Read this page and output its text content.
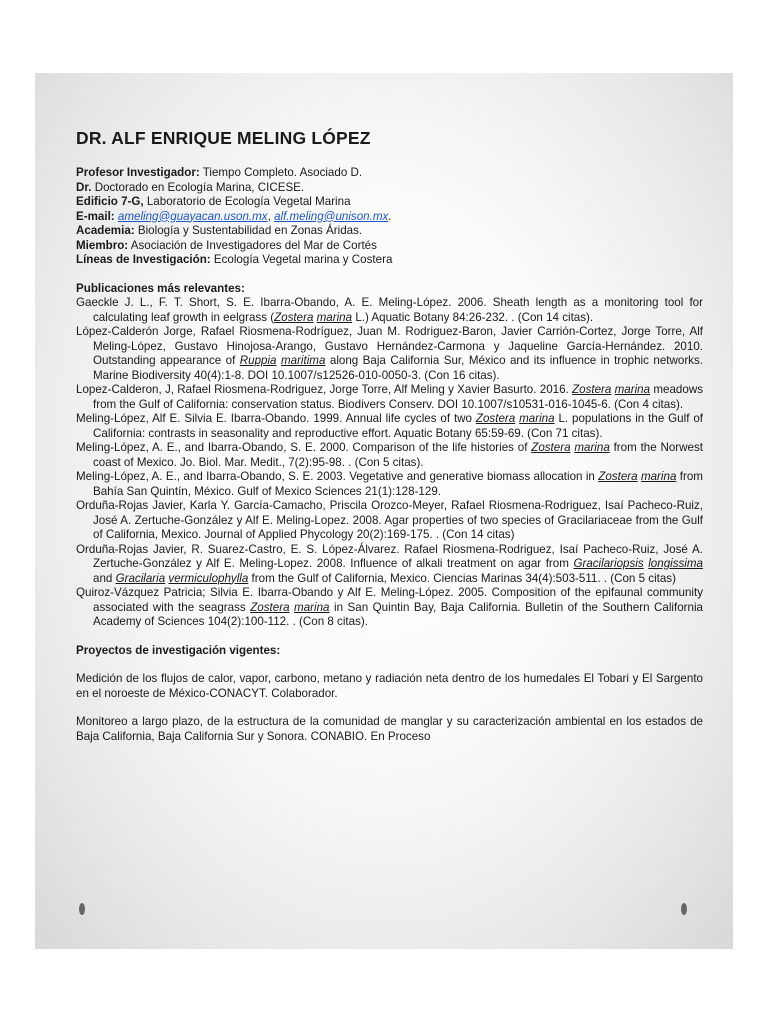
DR. ALF ENRIQUE MELING LÓPEZ
Profesor Investigador: Tiempo Completo. Asociado D.
Dr. Doctorado en Ecología Marina, CICESE.
Edificio 7-G, Laboratorio de Ecología Vegetal Marina
E-mail: ameling@guayacan.uson.mx, alf.meling@unison.mx.
Academia: Biología y Sustentabilidad en Zonas Áridas.
Miembro: Asociación de Investigadores del Mar de Cortés
Líneas de Investigación: Ecología Vegetal marina y Costera
Publicaciones más relevantes:
Gaeckle J. L., F. T. Short, S. E. Ibarra-Obando, A. E. Meling-López. 2006. Sheath length as a monitoring tool for calculating leaf growth in eelgrass (Zostera marina L.) Aquatic Botany 84:26-232. . (Con 14 citas).
López-Calderón Jorge, Rafael Riosmena-Rodríguez, Juan M. Rodriguez-Baron, Javier Carrión-Cortez, Jorge Torre, Alf Meling-López, Gustavo Hinojosa-Arango, Gustavo Hernández-Carmona y Jaqueline García-Hernández. 2010. Outstanding appearance of Ruppia maritima along Baja California Sur, México and its influence in trophic networks. Marine Biodiversity 40(4):1-8. DOI 10.1007/s12526-010-0050-3. (Con 16 citas).
Lopez-Calderon, J, Rafael Riosmena-Rodriguez, Jorge Torre, Alf Meling y Xavier Basurto. 2016. Zostera marina meadows from the Gulf of California: conservation status. Biodivers Conserv. DOI 10.1007/s10531-016-1045-6. (Con 4 citas).
Meling-López, Alf E. Silvia E. Ibarra-Obando. 1999. Annual life cycles of two Zostera marina L. populations in the Gulf of California: contrasts in seasonality and reproductive effort. Aquatic Botany 65:59-69. (Con 71 citas).
Meling-López, A. E., and Ibarra-Obando, S. E. 2000. Comparison of the life histories of Zostera marina from the Norwest coast of Mexico. Jo. Biol. Mar. Medit., 7(2):95-98. . (Con 5 citas).
Meling-López, A. E., and Ibarra-Obando, S. E. 2003. Vegetative and generative biomass allocation in Zostera marina from Bahía San Quintín, México. Gulf of Mexico Sciences 21(1):128-129.
Orduña-Rojas Javier, Karla Y. García-Camacho, Priscila Orozco-Meyer, Rafael Riosmena-Rodriguez, Isaí Pacheco-Ruiz, José A. Zertuche-González y Alf E. Meling-Lopez. 2008. Agar properties of two species of Gracilariaceae from the Gulf of California, Mexico. Journal of Applied Phycology 20(2):169-175. . (Con 14 citas)
Orduña-Rojas Javier, R. Suarez-Castro, E. S. López-Álvarez. Rafael Riosmena-Rodriguez, Isaí Pacheco-Ruiz, José A. Zertuche-González y Alf E. Meling-Lopez. 2008. Influence of alkali treatment on agar from Gracilariopsis longissima and Gracilaria vermiculophylla from the Gulf of California, Mexico. Ciencias Marinas 34(4):503-511. . (Con 5 citas)
Quiroz-Vázquez Patricia; Silvia E. Ibarra-Obando y Alf E. Meling-López. 2005. Composition of the epifaunal community associated with the seagrass Zostera marina in San Quintin Bay, Baja California. Bulletin of the Southern California Academy of Sciences 104(2):100-112. . (Con 8 citas).
Proyectos de investigación vigentes:
Medición de los flujos de calor, vapor, carbono, metano y radiación neta dentro de los humedales El Tobari y El Sargento en el noroeste de México-CONACYT. Colaborador.
Monitoreo a largo plazo, de la estructura de la comunidad de manglar y su caracterización ambiental en los estados de Baja California, Baja California Sur y Sonora. CONABIO. En Proceso
